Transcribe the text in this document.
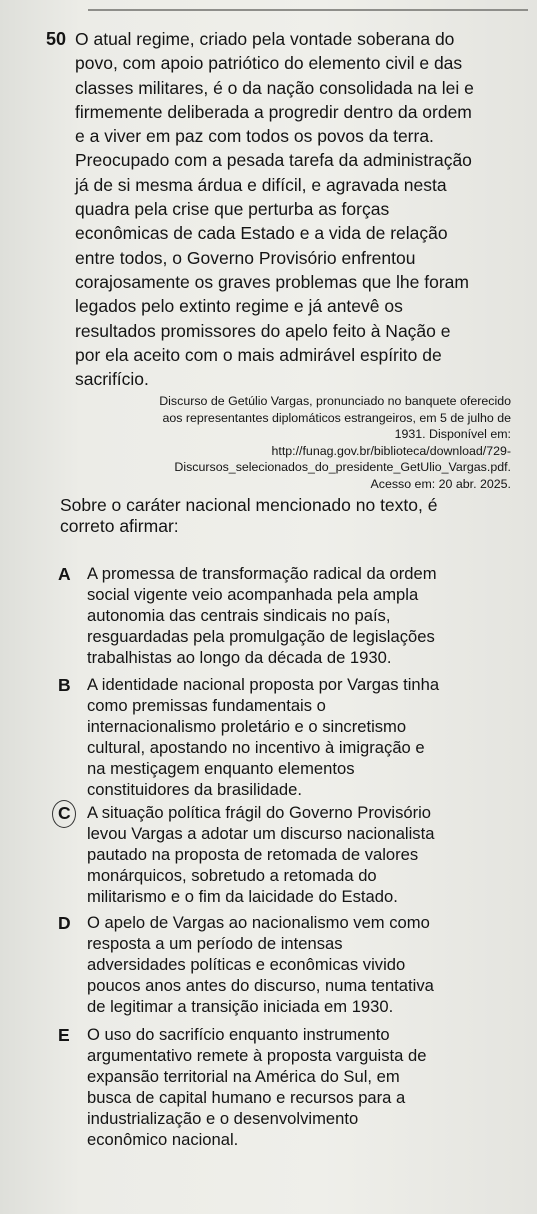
50 O atual regime, criado pela vontade soberana do

povo, com apoio patriótico do elemento civil e das

classes militares, é o da nação consolidada na lei e

firmemente deliberada a progredir dentro da ordem

e a viver em paz com todos os povos da terra.

Preocupado com a pesada tarefa da administração

já de si mesma árdua e difícil, e agravada nesta

quadra pela crise que perturba as forças

econômicas de cada Estado e a vida de relação

entre todos, o Governo Provisório enfrentou

corajosamente os graves problemas que lhe foram

legados pelo extinto regime e já antevê os

resultados promissores do apelo feito à Nação e

por ela aceito com o mais admirável espírito de

sacrifício.

Discurso de Getúlio Vargas, pronunciado no banquete oferecido
aos representantes diplomáticos estrangeiros, em 5 de julho de
1931. Disponível em:
http://funag.gov.br/biblioteca/download/729-
Discursos_selecionados_do_presidente_GetUlio_Vargas.pdf.
Acesso em: 20 abr. 2025.
Sobre o caráter nacional mencionado no texto, é
correto afirmar:
A A promessa de transformação radical da ordem

social vigente veio acompanhada pela ampla

autonomia das centrais sindicais no país,

resguardadas pela promulgação de legislações

trabalhistas ao longo da década de 1930.

B A identidade nacional proposta por Vargas tinha

como premissas fundamentais o

internacionalismo proletário e o sincretismo

cultural, apostando no incentivo à imigração e

na mestiçagem enquanto elementos

constituidores da brasilidade.

C A situação política frágil do Governo Provisório

levou Vargas a adotar um discurso nacionalista

pautado na proposta de retomada de valores

monárquicos, sobretudo a retomada do

militarismo e o fim da laicidade do Estado.

D O apelo de Vargas ao nacionalismo vem como

resposta a um período de intensas

adversidades políticas e econômicas vivido

poucos anos antes do discurso, numa tentativa

de legitimar a transição iniciada em 1930.

E O uso do sacrifício enquanto instrumento

argumentativo remete à proposta varguista de

expansão territorial na América do Sul, em

busca de capital humano e recursos para a

industrialização e o desenvolvimento

econômico nacional.
